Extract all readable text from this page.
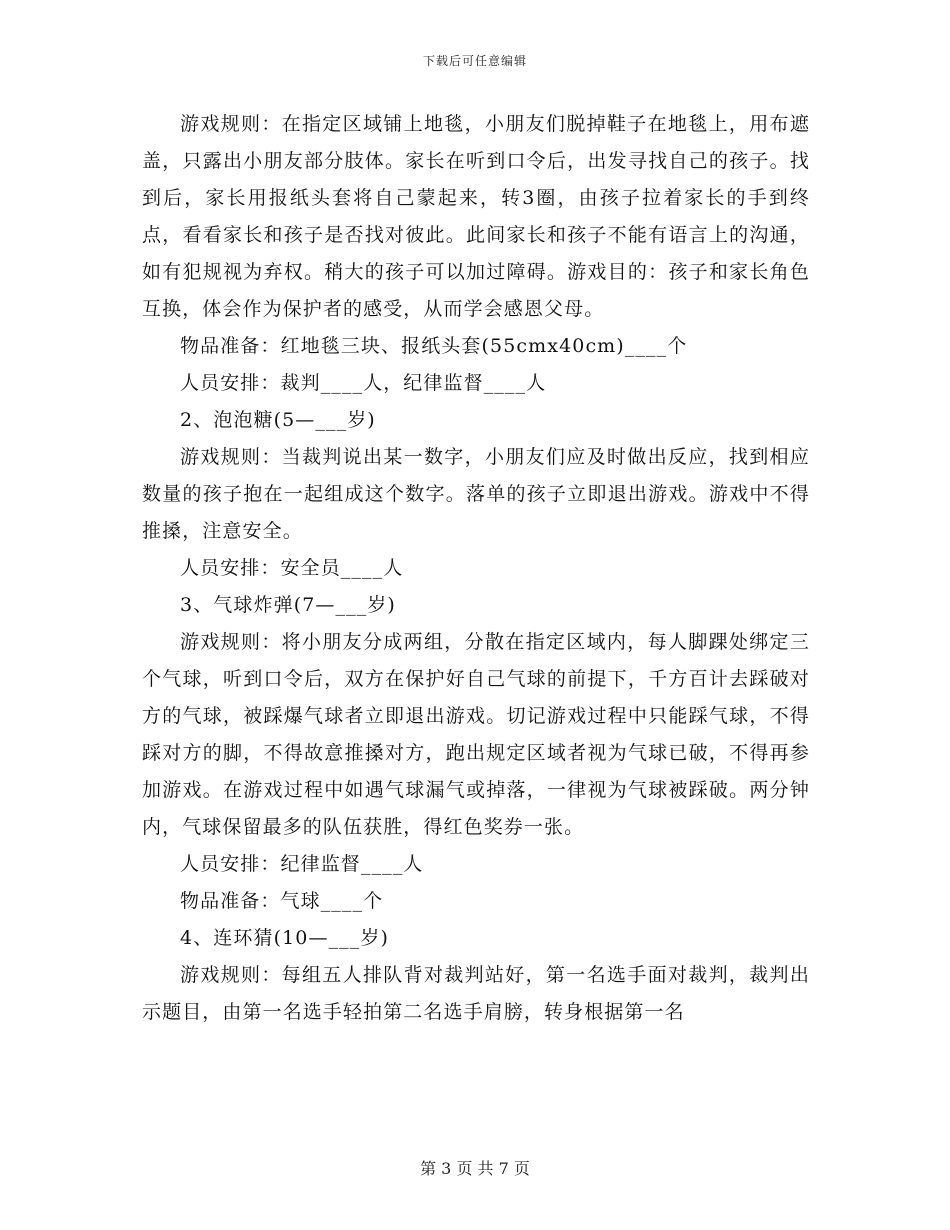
下载后可任意编辑

游戏规则：在指定区域铺上地毯，小朋友们脱掉鞋子在地毯上，用布遮盖，只露出小朋友部分肢体。家长在听到口令后，出发寻找自己的孩子。找到后，家长用报纸头套将自己蒙起来，转3圈，由孩子拉着家长的手到终点，看看家长和孩子是否找对彼此。此间家长和孩子不能有语言上的沟通，如有犯规视为弃权。稍大的孩子可以加过障碍。游戏目的：孩子和家长角色互换，体会作为保护者的感受，从而学会感恩父母。

物品准备：红地毯三块、报纸头套(55cmx40cm)____个

人员安排：裁判____人，纪律监督____人

2、泡泡糖(5—___岁)

游戏规则：当裁判说出某一数字，小朋友们应及时做出反应，找到相应数量的孩子抱在一起组成这个数字。落单的孩子立即退出游戏。游戏中不得推搡，注意安全。

人员安排：安全员____人

3、气球炸弹(7—___岁)

游戏规则：将小朋友分成两组，分散在指定区域内，每人脚踝处绑定三个气球，听到口令后，双方在保护好自己气球的前提下，千方百计去踩破对方的气球，被踩爆气球者立即退出游戏。切记游戏过程中只能踩气球，不得踩对方的脚，不得故意推搡对方，跑出规定区域者视为气球已破，不得再参加游戏。在游戏过程中如遇气球漏气或掉落，一律视为气球被踩破。两分钟内，气球保留最多的队伍获胜，得红色奖券一张。

人员安排：纪律监督____人

物品准备：气球____个

4、连环猜(10—___岁)

游戏规则：每组五人排队背对裁判站好，第一名选手面对裁判，裁判出示题目，由第一名选手轻拍第二名选手肩膀，转身根据第一名

第 3 页 共 7 页
